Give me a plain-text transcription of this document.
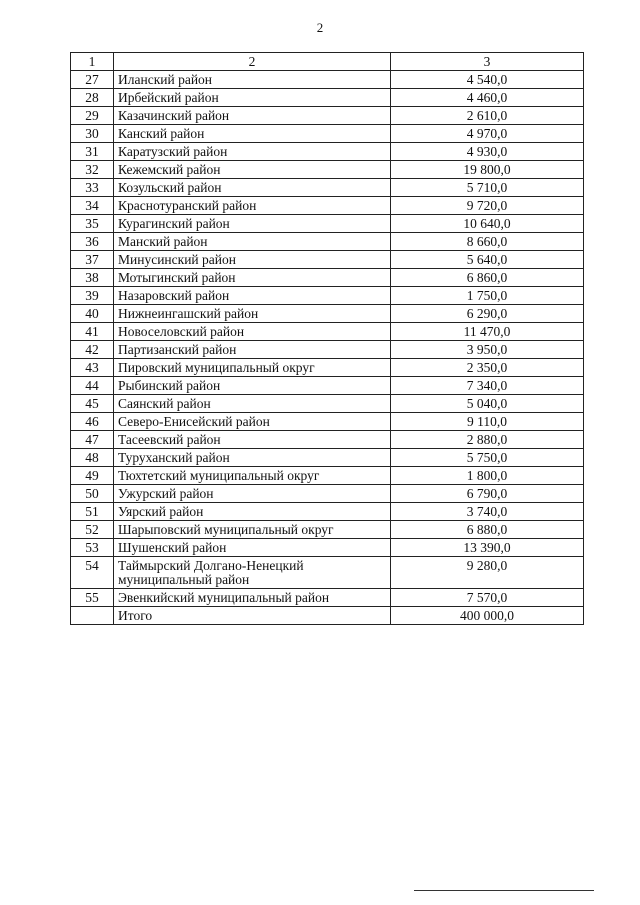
2
1	2	3
27	Иланский район	4 540,0
28	Ирбейский район	4 460,0
29	Казачинский район	2 610,0
30	Канский район	4 970,0
31	Каратузский район	4 930,0
32	Кежемский район	19 800,0
33	Козульский район	5 710,0
34	Краснотуранский район	9 720,0
35	Курагинский район	10 640,0
36	Манский район	8 660,0
37	Минусинский район	5 640,0
38	Мотыгинский район	6 860,0
39	Назаровский район	1 750,0
40	Нижнеингашский район	6 290,0
41	Новоселовский район	11 470,0
42	Партизанский район	3 950,0
43	Пировский муниципальный округ	2 350,0
44	Рыбинский район	7 340,0
45	Саянский район	5 040,0
46	Северо-Енисейский район	9 110,0
47	Тасеевский район	2 880,0
48	Туруханский район	5 750,0
49	Тюхтетский муниципальный округ	1 800,0
50	Ужурский район	6 790,0
51	Уярский район	3 740,0
52	Шарыповский муниципальный округ	6 880,0
53	Шушенский район	13 390,0
54	Таймырский Долгано-Ненецкий муниципальный район	9 280,0
55	Эвенкийский муниципальный район	7 570,0
	Итого	400 000,0
